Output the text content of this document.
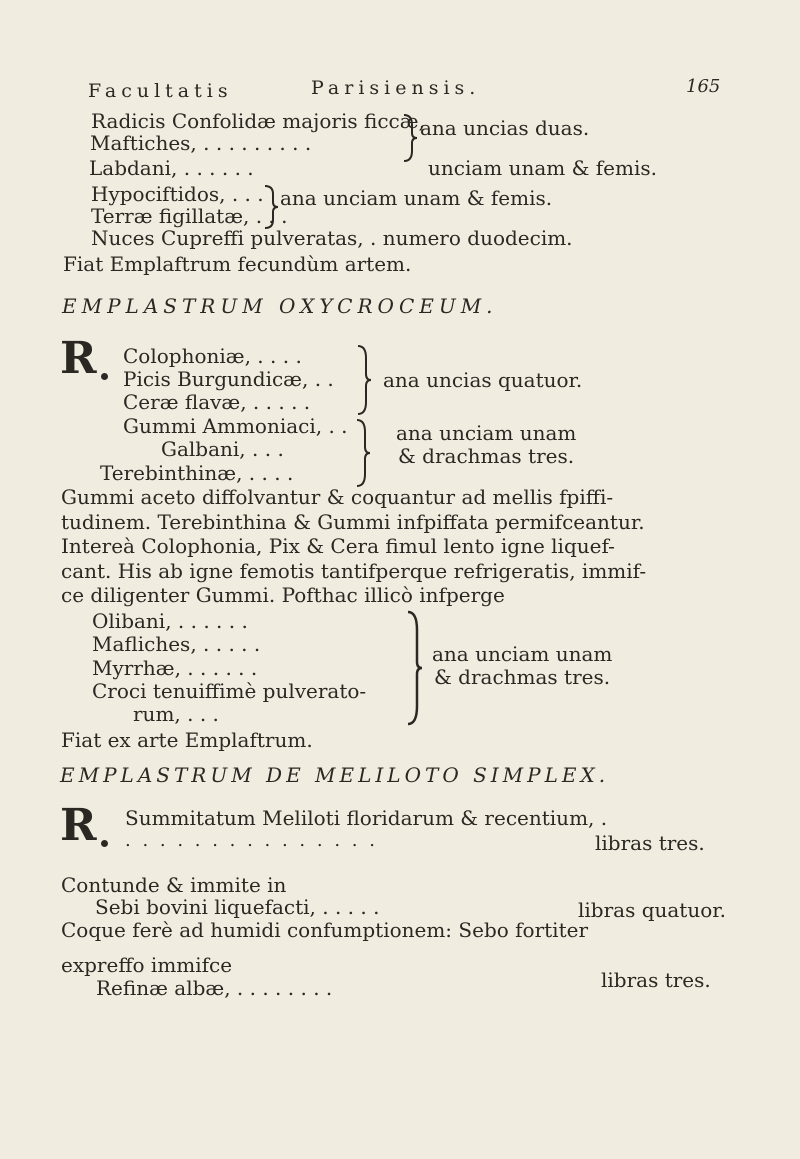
Facultatis	Parisiensis.	165
Radicis Confolidæ majoris ficcæ,
ana uncias duas.
Maftiches, . . . . . . . . .
Labdani, . . . . . .	unciam unam & femis.
Hypociftidos, . . . ana unciam unam & femis.
Terræ figillatæ, . . .
Nuces Cupreffi pulveratas, . numero duodecim.
Fiat Emplaftrum fecundùm artem.
EMPLASTRUM OXYCROCEUM.
R Colophoniæ, . . . .
Picis Burgundicæ, . .
Ceræ flavæ, . . . . .
ana uncias quatuor.
Gummi Ammoniaci, . .
Galbani, . . .
Terebinthinæ, . . . .
ana unciam unam
& drachmas tres.
Gummi aceto diffolvantur & coquantur ad mellis fpiffi-
tudinem. Terebinthina & Gummi infpiffata permifceantur.
Intereà Colophonia, Pix & Cera fimul lento igne liquef-
cant. His ab igne femotis tantifperque refrigeratis, immif-
ce diligenter Gummi. Pofthac illicò infperge
Olibani, . . . . . .
Mafliches, . . . . .
Myrrhæ, . . . . . .
Croci tenuiffimè pulverato-
rum, . . .
ana unciam unam
& drachmas tres.
Fiat ex arte Emplaftrum.
EMPLASTRUM DE MELILOTO SIMPLEX.
R Summitatum Meliloti floridarum & recentium, .
. . . . . . . . . . . . . . .	libras tres.
Contunde & immite in
Sebi bovini liquefacti, . . . . .	libras quatuor.
Coque ferè ad humidi confumptionem: Sebo fortiter
expreffo immifce
Refinæ albæ, . . . . . . . .	libras tres.
